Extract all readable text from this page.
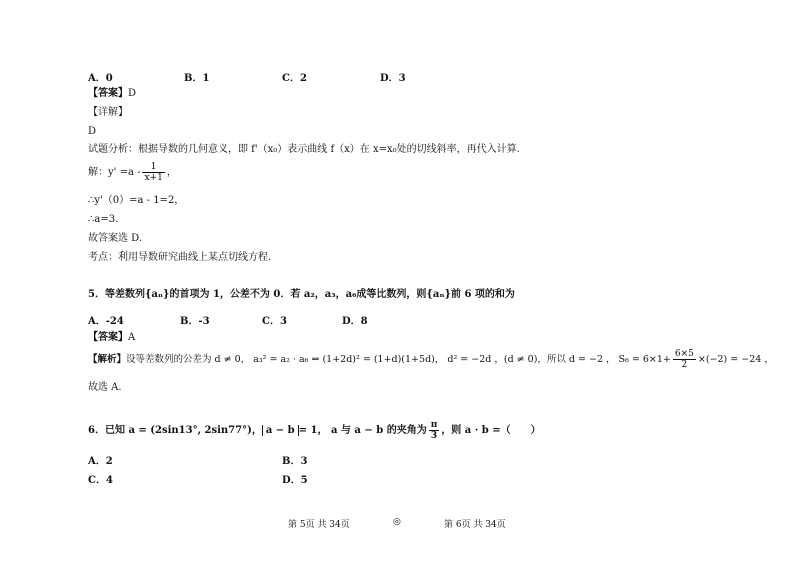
A．0	B．1	C．2	D．3
【答案】D
【详解】
D
试题分析：根据导数的几何意义，即 f'（x₀）表示曲线 f（x）在 x=x₀处的切线斜率，再代入计算.
解：$y' =a - \frac{1}{x+1}$ ，
∴y'（0）=a - 1=2，
∴a=3.
故答案选 D.
考点：利用导数研究曲线上某点切线方程.
5．等差数列{aₙ}的首项为 1，公差不为 0．若 a₂，a₃，a₆成等比数列，则{aₙ}前 6 项的和为
A．-24	B．-3	C．3	D．8
【答案】A
【解析】设等差数列的公差为 d ≠ 0， a₃² = a₂ · a₆ ⇒ (1+2d)² = (1+d)(1+5d)， d² = −2d ，(d ≠ 0)，所以 d = −2 ， $S_6 = 6\times 1+ \frac{6\times 5}{2} \times(-2) = -24$ ，
故选 A.
6．已知 a = (2sin13°, 2sin77°)， a − b = 1， a 与 a − b 的夹角为 $\frac{\pi}{3}$ ，则 a · b =（　　）
A．2	B．3
C．4	D．5
第 5页 共 34页	◎	第 6页 共 34页
